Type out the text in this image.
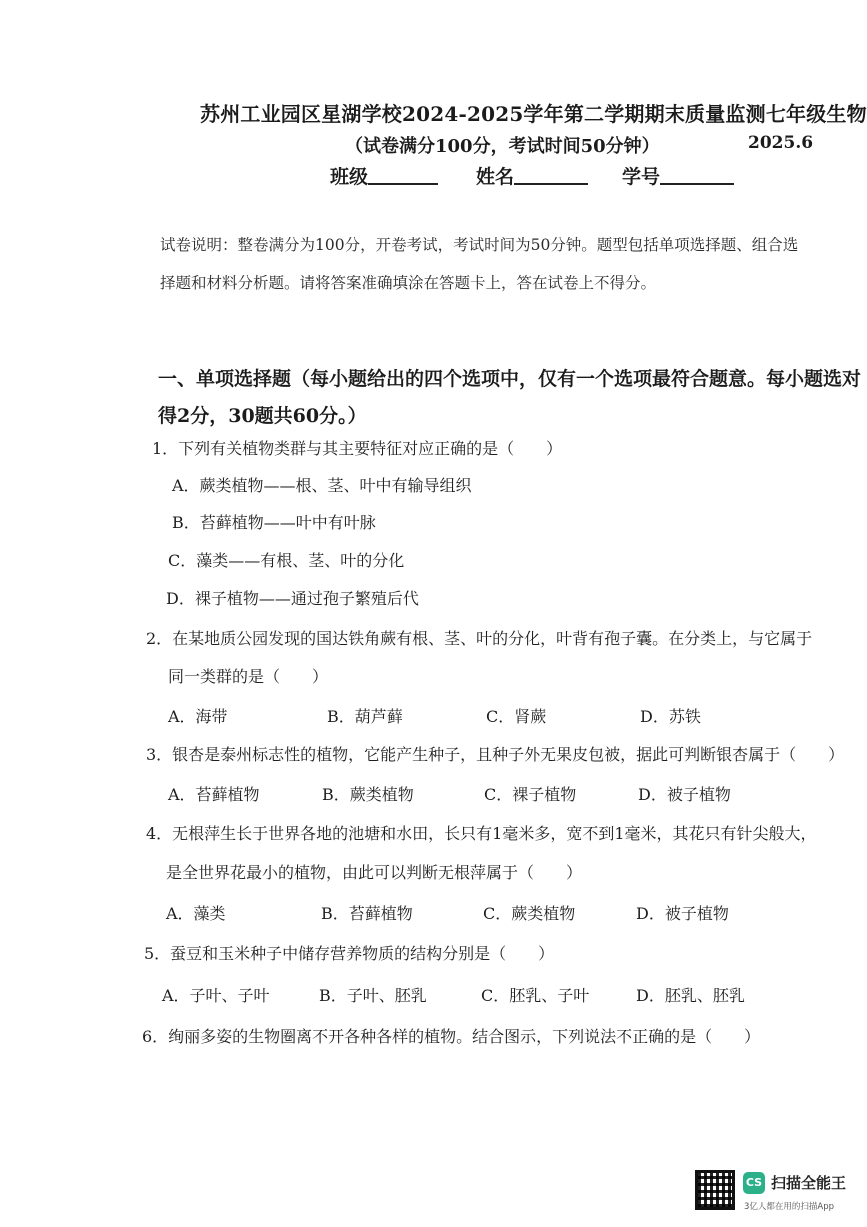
苏州工业园区星湖学校2024-2025学年第二学期期末质量监测七年级生物
（试卷满分100分，考试时间50分钟）	2025.6
班级	姓名	学号
试卷说明：整卷满分为100分，开卷考试，考试时间为50分钟。题型包括单项选择题、组合选
择题和材料分析题。请将答案准确填涂在答题卡上，答在试卷上不得分。
一、单项选择题（每小题给出的四个选项中，仅有一个选项最符合题意。每小题选对
得2分，30题共60分。）
1．下列有关植物类群与其主要特征对应正确的是（　　）
A．蕨类植物——根、茎、叶中有输导组织
B．苔藓植物——叶中有叶脉
C．藻类——有根、茎、叶的分化
D．裸子植物——通过孢子繁殖后代
2．在某地质公园发现的国达铁角蕨有根、茎、叶的分化，叶背有孢子囊。在分类上，与它属于
同一类群的是（　　）
A．海带	B．葫芦藓	C．肾蕨	D．苏铁
3．银杏是泰州标志性的植物，它能产生种子，且种子外无果皮包被，据此可判断银杏属于（　　）
A．苔藓植物	B．蕨类植物	C．裸子植物	D．被子植物
4．无根萍生长于世界各地的池塘和水田，长只有1毫米多，宽不到1毫米，其花只有针尖般大，
是全世界花最小的植物，由此可以判断无根萍属于（　　）
A．藻类	B．苔藓植物	C．蕨类植物	D．被子植物
5．蚕豆和玉米种子中储存营养物质的结构分别是（　　）
A．子叶、子叶	B．子叶、胚乳	C．胚乳、子叶	D．胚乳、胚乳
6．绚丽多姿的生物圈离不开各种各样的植物。结合图示，下列说法不正确的是（　　）
CS 扫描全能王
3亿人都在用的扫描App
